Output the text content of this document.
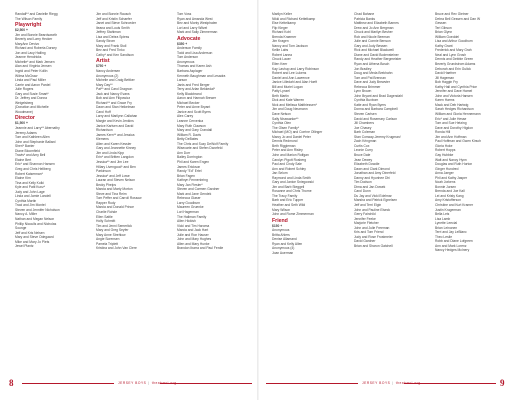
Randall** and Danielle Riegg
The Wilson Family
Playwright
$2,500 +
Jim and Bonnie Beardsworth
Beverly and Larry Hecker
MaryAnn Devivo
Richard and Roberta Dorsey
Jon and Lacy Halling
Jeanne Hendricks
Michelle* and Mark Jensen
Alan and Virginia Jensen
Ingrid and Peter Kollin
Wilma McGraw
Linda and Paul Miller
Carrie and Aaron Pardel
Julie Rogers
Gary and Susie Smart*
Dr. Jeffrey and Donna
Weigelsberg
(Donation and Michelle
Woodmane)
Director
$1,500 +
Jeannie and Larry** Abernathy
Jeremy Adams
Tom and Kathleen Allen
John and Stephanie Ballard
Sheri* Baxter
Diane Bloomfield
Travis* and Amy Bell
Elaine Bert
Eric* and Shannon Hansen
Greg and Chris Hellberg
Robert Kaiserman*
Elaine Kim
Tina and Kelly Kolki
Kyle and Patti Kunz*
Judy and John Lage
Linda and Jamie Landell
Cynthia Martin
Traci and Jim Montel
Steven and Jennifer Nicholson
Nancy A. Miller
Nathan and Megan Nelson
Phillip Nicoulls and Nicholas
Sounge
Jeff and Kris Nelsen
Mary and Steve Odegaard
Mike and Mary Jo Plets
Jewel Plantz
Jim and Bonnie Rausch
Jeff and Kristin Schaefer
Janet and Steve Schroeder
Ileana and Louis Smith
Jeffrey Stahlman
Lisa and Debra Spiess
Sandy Strom
Mary and Frank Stoll
Bev and Fred Tinko
Cathy* and Ken Sandison
Artist
$750 +
Nancy Andersen
Anonymous (2)
Michelle and Craig Bettker
Mary Day**
Pat** and Carol Dragnon
Jack and Nancy Evans
Bob and Ann Filipowicz
Richard** and Grace Fry
Dawn and Stan Heikelman
Carol Hoff
Larry and Marilynn Callahan
Margie and Kevin Jenkins
Janice Karlsen and David
Richardson
James Kern** and Jessica
Klemens
Allen and Karen Kessler
Gary and Jeannette Kinney
Jim and Linda Kipp
Erin* and Britten Langdon
Jessica** and Jim Lee
Hillary Livengood* and Ben
Parkinson
Jessica* and Jeff Lowe
Lauran and Steven Nelson
Becky Phelps
Marcia and Marty Morton
Steve and Tina Reim
Tom Peffer and Carroll Rossow
Rapper Rudy
Marcia and Donald Prince
Charlie Rohde
Ellen Sattle
Holly Schmitt
Tim and Jenni Semerlick
Mary and Greg Seyfer
Mary Anne Strehlow
Angie Sorensen
Pamela Triplett
Kristina and John Van Clere
Tom Voss
Ryan and Amanda West
Bev and Monty Westphalen
Lori and Larry Witzel
Mark and Sally Zimmerman
Advocate
$350 +
Anderson Family
Todd and Lisa Anderson
Tom Anderson
Anonymous
Thomas and Karen Ash
Barbara Asplager
Kenneth Baughman and Lesadra
Larson
Janis and Fred Berger
Terry and Arlan Bekkedal*
Kelly Blackbrand
Aaron and Hannah Brewer
Michael Becker
Peter and Anne Bryant
Janice and Scott Byers
Alex Carey
Leanne Cervenka
Mary Ruth Clawson
Mary and Gary Crandall
William R. Davis
Betty DeBates
The Chris and Suzy DeWolf Family
Wisecarte and Stefen Dworfeld
Ann Dorr
Bailey Dorrington
Phil and Karen Engen
James Erickson
Randy "Ed" Ertel
Brian Fagen
Kathryn Fennenbring
Mary Jan Fiesler*
Steven and Carmen Gardner
Mark and Jane Gendek
Rebecca Glaser
Larry Goodburn
Maureen Gruenke
Lori Hagerman
The Hallman Family
Allen Hickish
Vicki and Tim Haroma
Marcia and Jack Hart
Julie and Ron Hauser
John and Mary Hughes
Allen and Mary Hunke
Brandon Ibarra and Paul Ferdie
Marilyn Keller
Nikki and Richard Kettelkamp
Else Kettelkamp
Flip Kleger
Richard Kohl
Brenda Kraemer
Jim Kragen
Nancy and Tom Jackson
Kellie Labs
Robert Lanea
Chuck Lauer
Ellen Keer
Kay Lashup and Larry Robinson
Robert and Lee Lukens
Daniel and Ann Lawrence
Janice Lilledahl and Alan Hoeft
Bill and Muriel Logan
Patty Lynzel
Beth Martin
Dick and Kate Warren
Nick and Melissa Matthiessen*
Jim and Doug Neumann
Dave Nelson
Sally Nisswanke**
Cynthia Olen
The Olsen Family*
Michael (MO) and Corrine Ollinger
Marcy Jo and Daniel Peter
Dennis Redmond
Beth Riggleman
Peter and Ann Risley
John and Marion Rolfgan
Carolyn Pigott Rosberg
Paul and Cindy Sale
Ann and Robert Schley
Jan Selom
Raymond and Linda Smith
Gary and Janice Sniegowski
Jim and Barb Steggell
Rosanne and Chris Thorne
The Tracy Family
Barb and Eric Tupper
Heather and Seth Wild
Mary Wilson
John and Rome Zimmerman
Friend
$150 +
Anonymous
Britta Ahlers
Denise Allamand
Ryan and Kelly Allen
Anonymous (4)
Joan Auerman
Chad Bahane
Patricia Banks
Matthew and Elizabeth Barnes
Drew and Jo Ann Bergman
Chuck and Marilyn Besher
Rob and Nicole Beeman
Julie and Connie Benson
Gary and Judy Bessen
Rick and Michael Blackwell
Diane and David Bodensteiner
Randy and Heather Bergmeister
Ryan and Athena Bosch
Jon Bradley
Doug and Meda Brekhahn
Tom and Pat Brennan
Dave and Judy Brewster
Rebecca Brimmer
Lynn Brown
John Bryant and Brad Dagendahl
Cynthia Buxbom
Katie and Ryan Byers
Donna and Barbara Campbell
Steven Carlsen
David and Rosemary Carlson
Jill Chambers
Joe Chasey
Barb Coleman
Stan Conway-Jeremy Krugman/
Zach Kringman
Curtis Cox
Leonie Curry
Bruce Dale
Jean Dewey
Elizabeth Dowdle
Dawn and Clark Dimond
Jonathan and Amy Dinerfeld
Danny and Hyunhee Dhi
Tim Dodson
Dima and Jan Dowek
Carol Dunn
Du Jay and Vicki Edelmar
Marsha and Patrick Egnelsen
Jeff and Terri Elgin
John and Pauline Elseck
Gerry Fairchild
Jennifer Feeke
Marjorie Fletcher
John and Julie Freeman
Kris and Tom Friend
Judy and Rose Frostmeier
David Gardner
Brian and Sharon Gatchell
Bruce and Rev Gietner
Debra Bell Gessen and Dan W
Gessen
Teri Gibson
Brian Glynn
William Goeddel
Lisa and Arthur Goodburn
Kathy Grant
Frederick and Mary Grah
Neal and Lynn Grosh
Dennis and Debbie Green
Beverly Grundstrom Adams
Deborah and Erin Gulick
David Haefner
Jill Hageman
Bob Haggin Fry
Kathy Hall and Cynthia Price
Jennifer and Dave Hamel
John and Victoria Hansen
Karen Harms
Mack and Deb Hartwig
Sarah Hedges Richardson
William and Gloria Hennemann
Eric* and Julie Hesse
Tom and Sue Hetzing
Dave and Dorothy Higdon
Ronda Hill
Jim and Ann Hoffman
Paul Hoffman and Gwen Kirsch
Gloria Hoke
Robert Hopps
Gay Hubbke
Walt and Nancy Hynn
Douglas and Ruth Horton
Ginger Hundred
Anna Jaeger
Phil and Kathy Jasper
Noah Jorkens
Bonnie Jursen
Brenda and Joe Kall
Lei and Kristy Kang
Amy Kristofferson
Christine and Kurt Kramer
Justin Krugerman
Bella Leis
Lisa Lamb
Lynette Leecial
Brian Leinonen
Terri and Jay LeBlanc
Theo Leslie
Robb and Diane Lofgreen
Ann and Mark Lorenz
Nancy Hedges McInery
8	JERSEY BOYS | theatreci.org	JERSEY BOYS | theatreci.org	9
